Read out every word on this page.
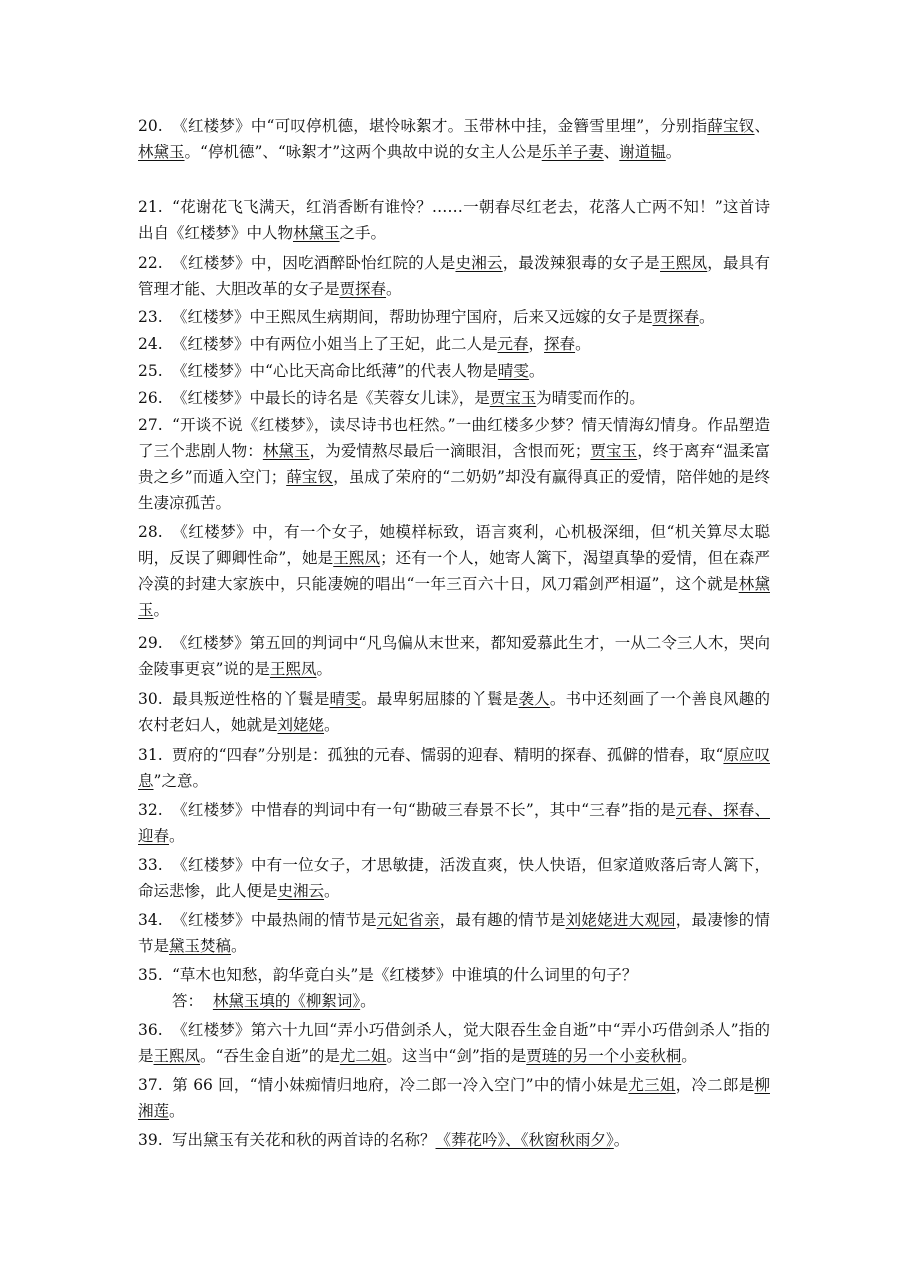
20. 《红楼梦》中“可叹停机德，堪怜咏絮才。玉带林中挂，金簪雪里埋”，分别指薛宝钗、林黛玉。“停机德”、“咏絮才”这两个典故中说的女主人公是乐羊子妻、谢道韫。

21. “花谢花飞飞满天，红消香断有谁怜？……一朝春尽红老去，花落人亡两不知！”这首诗出自《红楼梦》中人物林黛玉之手。

22. 《红楼梦》中，因吃酒醉卧怡红院的人是史湘云，最泼辣狠毒的女子是王熙凤，最具有管理才能、大胆改革的女子是贾探春。

23. 《红楼梦》中王熙凤生病期间，帮助协理宁国府，后来又远嫁的女子是贾探春。

24. 《红楼梦》中有两位小姐当上了王妃，此二人是元春，探春。

25. 《红楼梦》中“心比天高命比纸薄”的代表人物是晴雯。

26. 《红楼梦》中最长的诗名是《芙蓉女儿诔》，是贾宝玉为晴雯而作的。

27. “开谈不说《红楼梦》，读尽诗书也枉然。”一曲红楼多少梦？情天情海幻情身。作品塑造了三个悲剧人物：林黛玉，为爱情熬尽最后一滴眼泪，含恨而死；贾宝玉，终于离弃“温柔富贵之乡”而遁入空门；薛宝钗，虽成了荣府的“二奶奶”却没有赢得真正的爱情，陪伴她的是终生凄凉孤苦。

28. 《红楼梦》中，有一个女子，她模样标致，语言爽利，心机极深细，但“机关算尽太聪明，反误了卿卿性命”，她是王熙凤；还有一个人，她寄人篱下，渴望真挚的爱情，但在森严冷漠的封建大家族中，只能凄婉的唱出“一年三百六十日，风刀霜剑严相逼”，这个就是林黛玉。

29. 《红楼梦》第五回的判词中“凡鸟偏从末世来，都知爱慕此生才，一从二令三人木，哭向金陵事更哀”说的是王熙凤。

30. 最具叛逆性格的丫鬟是晴雯。最卑躬屈膝的丫鬟是袭人。书中还刻画了一个善良风趣的农村老妇人，她就是刘姥姥。

31. 贾府的“四春”分别是：孤独的元春、懦弱的迎春、精明的探春、孤僻的惜春，取“原应叹息”之意。

32. 《红楼梦》中惜春的判词中有一句“勘破三春景不长”，其中“三春”指的是元春、探春、迎春。

33. 《红楼梦》中有一位女子，才思敏捷，活泼直爽，快人快语，但家道败落后寄人篱下，命运悲惨，此人便是史湘云。

34. 《红楼梦》中最热闹的情节是元妃省亲，最有趣的情节是刘姥姥进大观园，最凄惨的情节是黛玉焚稿。

35. “草木也知愁，韵华竟白头”是《红楼梦》中谁填的什么词里的句子？
答： 林黛玉填的《柳絮词》。

36. 《红楼梦》第六十九回“弄小巧借剑杀人，觉大限吞生金自逝”中“弄小巧借剑杀人”指的是王熙凤。“吞生金自逝”的是尤二姐。这当中“剑”指的是贾琏的另一个小妾秋桐。

37. 第 66 回，“情小妹痴情归地府，冷二郎一冷入空门”中的情小妹是尤三姐，冷二郎是柳湘莲。

39. 写出黛玉有关花和秋的两首诗的名称？《葬花吟》、《秋窗秋雨夕》。
